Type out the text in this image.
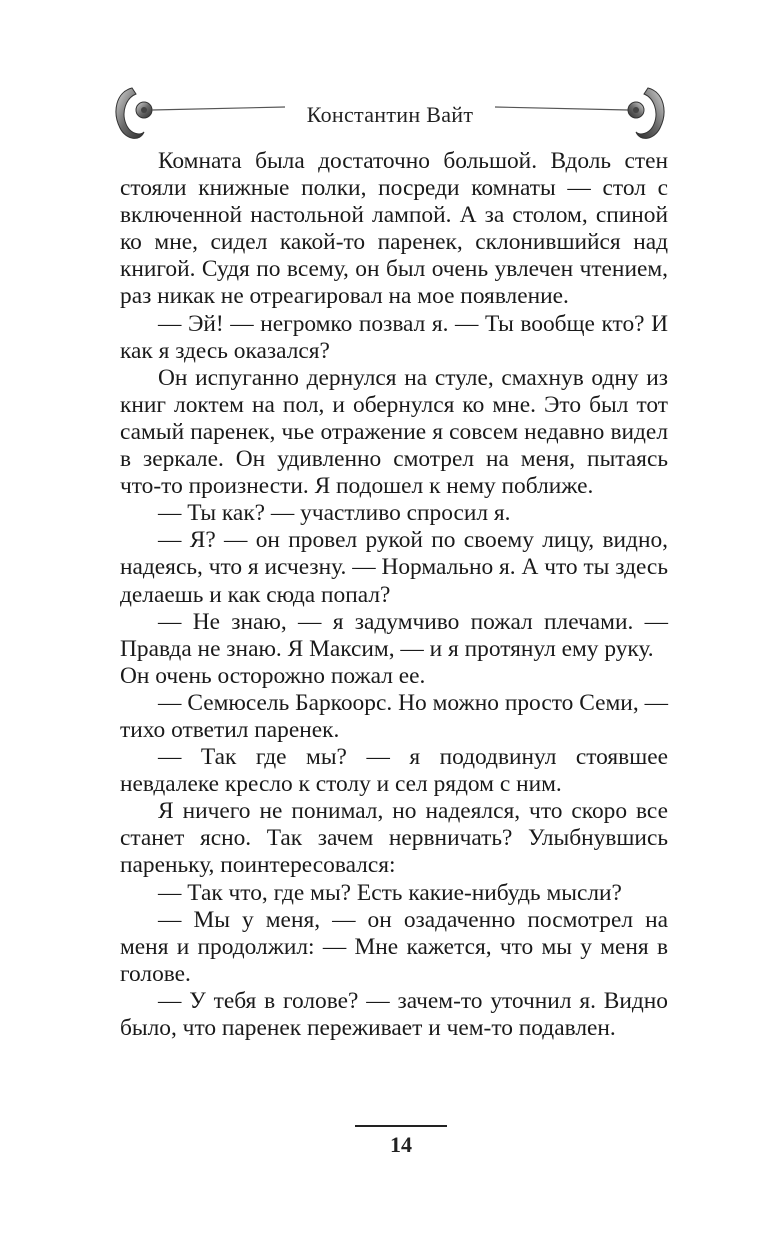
Константин Вайт

Комната была достаточно большой. Вдоль стен стояли книжные полки, посреди комнаты — стол с включенной настольной лампой. А за столом, спиной ко мне, сидел какой-то паренек, склонившийся над книгой. Судя по всему, он был очень увлечен чтением, раз никак не отреагировал на мое появление.

— Эй! — негромко позвал я. — Ты вообще кто? И как я здесь оказался?

Он испуганно дернулся на стуле, смахнув одну из книг локтем на пол, и обернулся ко мне. Это был тот самый паренек, чье отражение я совсем недавно видел в зеркале. Он удивленно смотрел на меня, пытаясь что-то произнести. Я подошел к нему поближе.

— Ты как? — участливо спросил я.

— Я? — он провел рукой по своему лицу, видно, надеясь, что я исчезну. — Нормально я. А что ты здесь делаешь и как сюда попал?

— Не знаю, — я задумчиво пожал плечами. — Правда не знаю. Я Максим, — и я протянул ему руку.

Он очень осторожно пожал ее.

— Семюсель Баркоорс. Но можно просто Семи, — тихо ответил паренек.

— Так где мы? — я пододвинул стоявшее невдалеке кресло к столу и сел рядом с ним.

Я ничего не понимал, но надеялся, что скоро все станет ясно. Так зачем нервничать? Улыбнувшись пареньку, поинтересовался:

— Так что, где мы? Есть какие-нибудь мысли?

— Мы у меня, — он озадаченно посмотрел на меня и продолжил: — Мне кажется, что мы у меня в голове.

— У тебя в голове? — зачем-то уточнил я. Видно было, что паренек переживает и чем-то подавлен.

14
